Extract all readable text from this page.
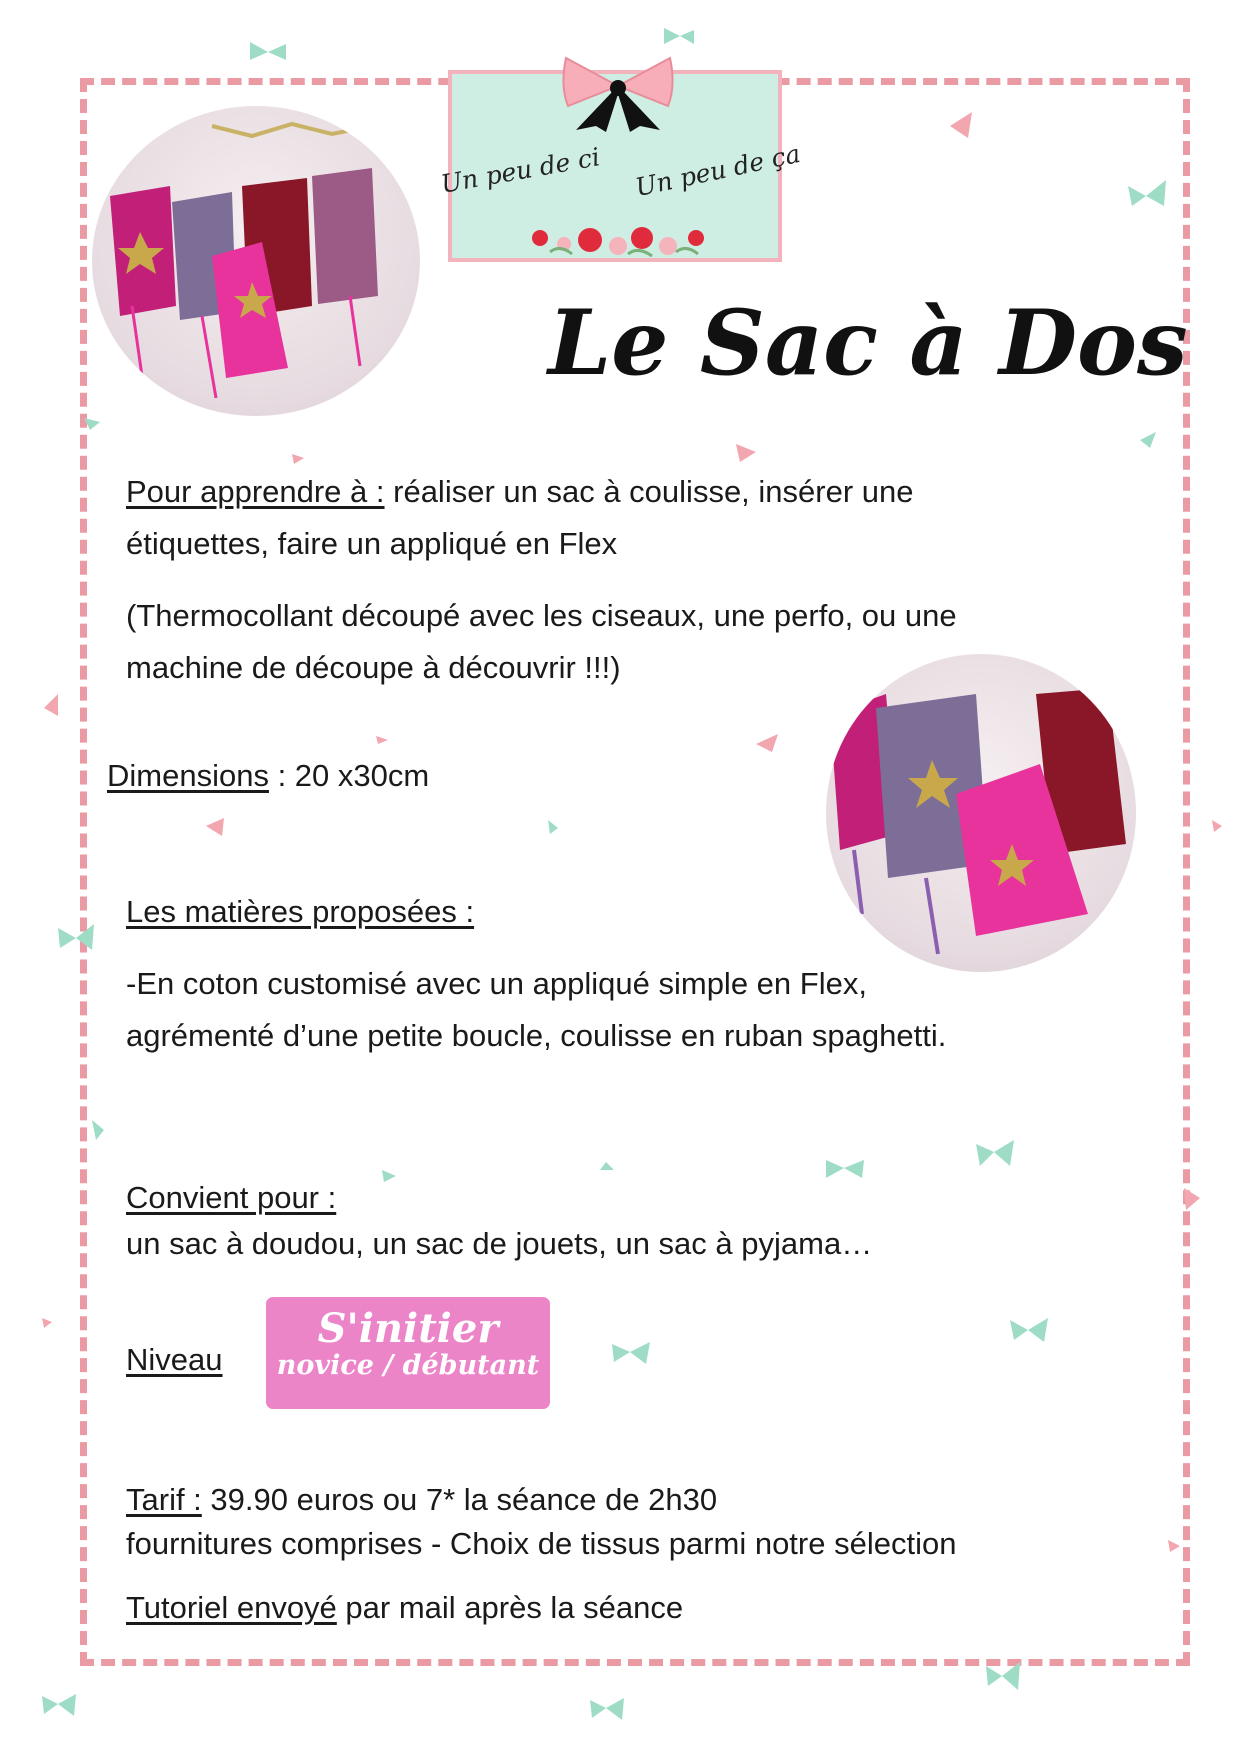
Un peu de ci Un peu de ça
Le Sac à Dos
Pour apprendre à : réaliser un sac à coulisse, insérer une
étiquettes, faire un appliqué en Flex
(Thermocollant découpé avec les ciseaux, une perfo, ou une
machine de découpe à découvrir !!!)
Dimensions : 20 x30cm
Les matières proposées :
-En coton customisé avec un appliqué simple en Flex,
agrémenté d’une petite boucle, coulisse en ruban spaghetti.
Convient pour :
un sac à doudou, un sac de jouets, un sac à pyjama…
Niveau
S'initier
novice / débutant
Tarif : 39.90 euros ou 7* la séance de 2h30
fournitures comprises - Choix de tissus parmi notre sélection
Tutoriel envoyé par mail après la séance
